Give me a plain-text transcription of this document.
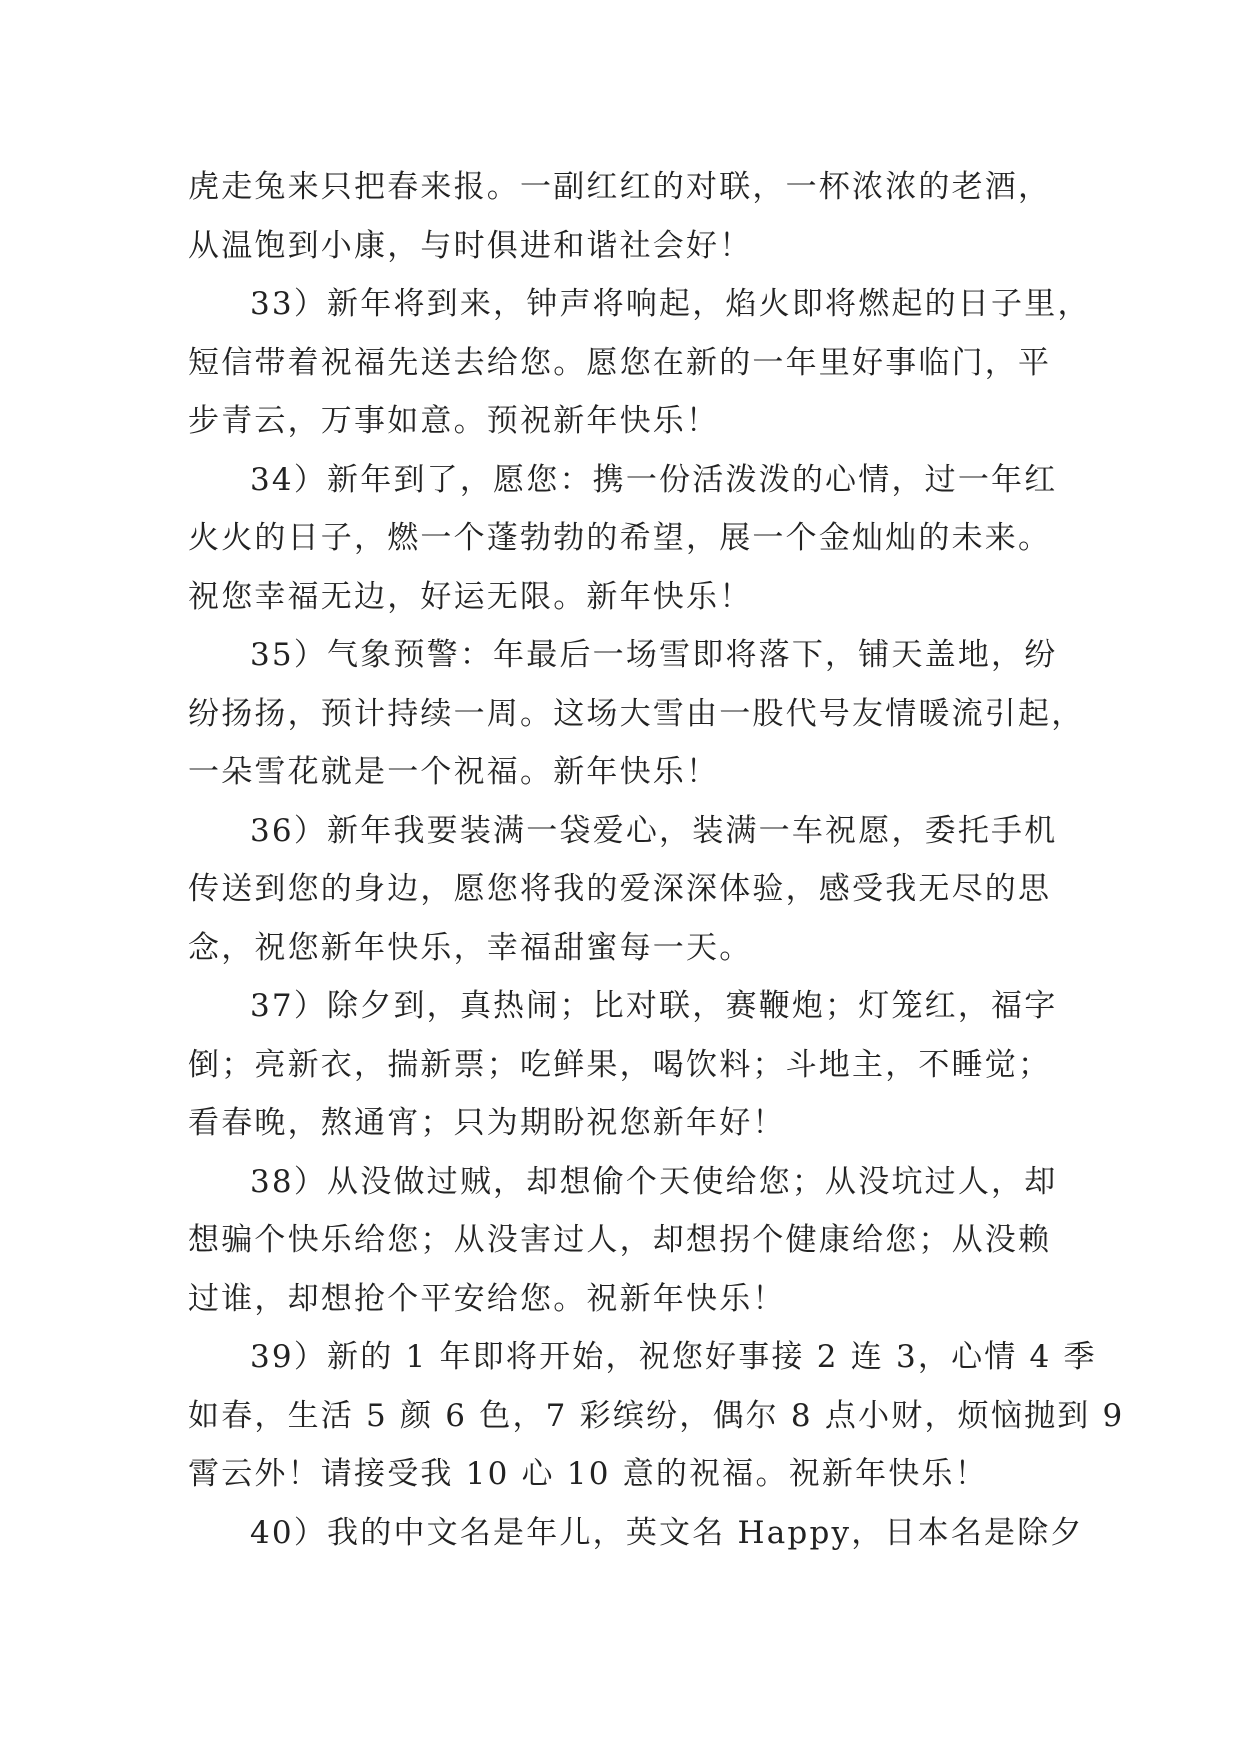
虎走兔来只把春来报。一副红红的对联，一杯浓浓的老酒，
从温饱到小康，与时俱进和谐社会好！

33）新年将到来，钟声将响起，焰火即将燃起的日子里，
短信带着祝福先送去给您。愿您在新的一年里好事临门，平
步青云，万事如意。预祝新年快乐！

34）新年到了，愿您：携一份活泼泼的心情，过一年红
火火的日子，燃一个蓬勃勃的希望，展一个金灿灿的未来。
祝您幸福无边，好运无限。新年快乐！

35）气象预警：年最后一场雪即将落下，铺天盖地，纷
纷扬扬，预计持续一周。这场大雪由一股代号友情暖流引起，
一朵雪花就是一个祝福。新年快乐！

36）新年我要装满一袋爱心，装满一车祝愿，委托手机
传送到您的身边，愿您将我的爱深深体验，感受我无尽的思
念，祝您新年快乐，幸福甜蜜每一天。

37）除夕到，真热闹；比对联，赛鞭炮；灯笼红，福字
倒；亮新衣，揣新票；吃鲜果，喝饮料；斗地主，不睡觉；
看春晚，熬通宵；只为期盼祝您新年好！

38）从没做过贼，却想偷个天使给您；从没坑过人，却
想骗个快乐给您；从没害过人，却想拐个健康给您；从没赖
过谁，却想抢个平安给您。祝新年快乐！

39）新的 1 年即将开始，祝您好事接 2 连 3，心情 4 季
如春，生活 5 颜 6 色，7 彩缤纷，偶尔 8 点小财，烦恼抛到 9
霄云外！请接受我 10 心 10 意的祝福。祝新年快乐！

40）我的中文名是年儿，英文名 Happy，日本名是除夕
